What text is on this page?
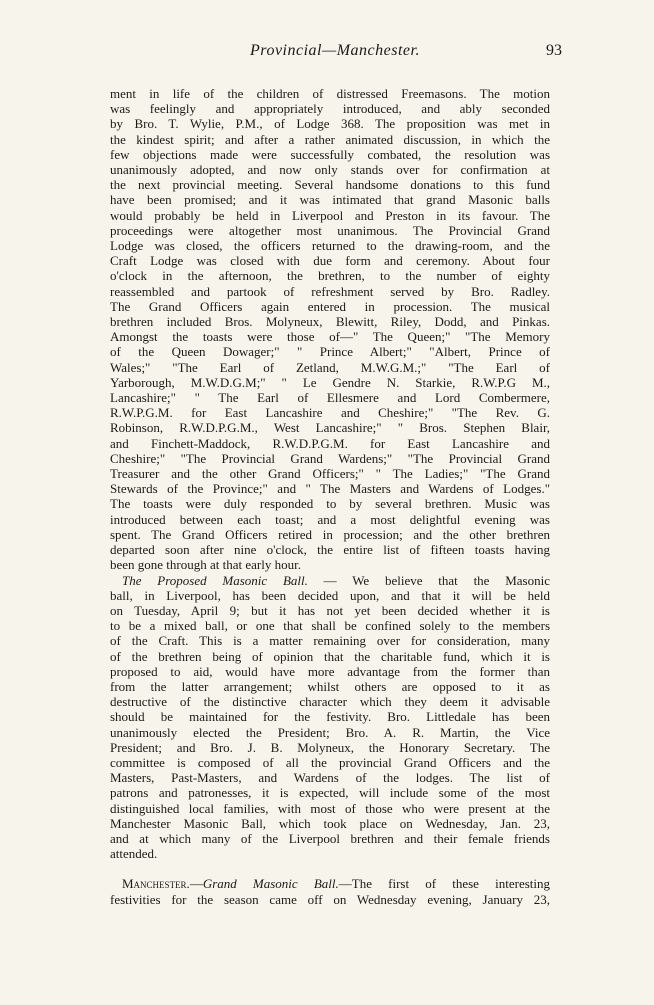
Provincial—Manchester.	93

ment in life of the children of distressed Freemasons. The motion
was feelingly and appropriately introduced, and ably seconded
by Bro. T. Wylie, P.M., of Lodge 368. The proposition was met in
the kindest spirit; and after a rather animated discussion, in which the
few objections made were successfully combated, the resolution was
unanimously adopted, and now only stands over for confirmation at
the next provincial meeting. Several handsome donations to this fund
have been promised; and it was intimated that grand Masonic balls
would probably be held in Liverpool and Preston in its favour. The
proceedings were altogether most unanimous. The Provincial Grand
Lodge was closed, the officers returned to the drawing-room, and the
Craft Lodge was closed with due form and ceremony. About four
o'clock in the afternoon, the brethren, to the number of eighty
reassembled and partook of refreshment served by Bro. Radley.
The Grand Officers again entered in procession. The musical
brethren included Bros. Molyneux, Blewitt, Riley, Dodd, and Pinkas.
Amongst the toasts were those of—" The Queen;" "The Memory
of the Queen Dowager;" " Prince Albert;" "Albert, Prince of
Wales;" "The Earl of Zetland, M.W.G.M.;" "The Earl of
Yarborough, M.W.D.G.M;" " Le Gendre N. Starkie, R.W.P.G M.,
Lancashire;" " The Earl of Ellesmere and Lord Combermere,
R.W.P.G.M. for East Lancashire and Cheshire;" "The Rev. G.
Robinson, R.W.D.P.G.M., West Lancashire;" " Bros. Stephen Blair,
and Finchett-Maddock, R.W.D.P.G.M. for East Lancashire and
Cheshire;" "The Provincial Grand Wardens;" "The Provincial Grand
Treasurer and the other Grand Officers;" " The Ladies;" "The Grand
Stewards of the Province;" and " The Masters and Wardens of Lodges."
The toasts were duly responded to by several brethren. Music was
introduced between each toast; and a most delightful evening was
spent. The Grand Officers retired in procession; and the other brethren
departed soon after nine o'clock, the entire list of fifteen toasts having
been gone through at that early hour.

The Proposed Masonic Ball. — We believe that the Masonic
ball, in Liverpool, has been decided upon, and that it will be held
on Tuesday, April 9; but it has not yet been decided whether it is
to be a mixed ball, or one that shall be confined solely to the members
of the Craft. This is a matter remaining over for consideration, many
of the brethren being of opinion that the charitable fund, which it is
proposed to aid, would have more advantage from the former than
from the latter arrangement; whilst others are opposed to it as
destructive of the distinctive character which they deem it advisable
should be maintained for the festivity. Bro. Littledale has been
unanimously elected the President; Bro. A. R. Martin, the Vice
President; and Bro. J. B. Molyneux, the Honorary Secretary. The
committee is composed of all the provincial Grand Officers and the
Masters, Past-Masters, and Wardens of the lodges. The list of
patrons and patronesses, it is expected, will include some of the most
distinguished local families, with most of those who were present at the
Manchester Masonic Ball, which took place on Wednesday, Jan. 23,
and at which many of the Liverpool brethren and their female friends
attended.

Manchester.—Grand Masonic Ball.—The first of these interesting
festivities for the season came off on Wednesday evening, January 23,
